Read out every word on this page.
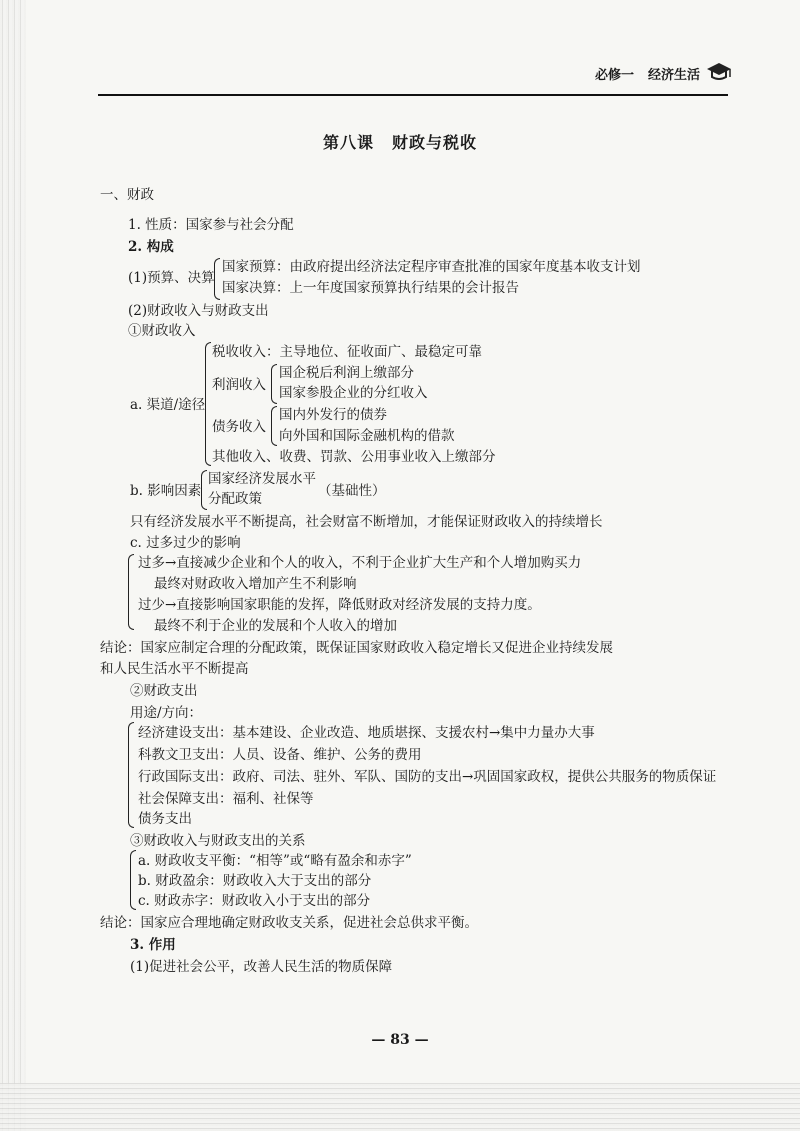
必修一 经济生活
第八课 财政与税收
一、财政
1. 性质：国家参与社会分配
2. 构成
(1)预算、决算
国家预算：由政府提出经济法定程序审查批准的国家年度基本收支计划
国家决算：上一年度国家预算执行结果的会计报告
(2)财政收入与财政支出
①财政收入
a. 渠道/途径
税收收入：主导地位、征收面广、最稳定可靠
利润收入
国企税后利润上缴部分
国家参股企业的分红收入
债务收入
国内外发行的债券
向外国和国际金融机构的借款
其他收入、收费、罚款、公用事业收入上缴部分
b. 影响因素
国家经济发展水平
分配政策	（基础性）
只有经济发展水平不断提高，社会财富不断增加，才能保证财政收入的持续增长
c. 过多过少的影响
过多→直接减少企业和个人的收入，不利于企业扩大生产和个人增加购买力
最终对财政收入增加产生不利影响
过少→直接影响国家职能的发挥，降低财政对经济发展的支持力度。
最终不利于企业的发展和个人收入的增加
结论：国家应制定合理的分配政策，既保证国家财政收入稳定增长又促进企业持续发展
和人民生活水平不断提高
②财政支出
用途/方向：
经济建设支出：基本建设、企业改造、地质堪探、支援农村→集中力量办大事
科教文卫支出：人员、设备、维护、公务的费用
行政国际支出：政府、司法、驻外、军队、国防的支出→巩固国家政权，提供公共服务的物质保证
社会保障支出：福利、社保等
债务支出
③财政收入与财政支出的关系
a. 财政收支平衡：“相等”或“略有盈余和赤字”
b. 财政盈余：财政收入大于支出的部分
c. 财政赤字：财政收入小于支出的部分
结论：国家应合理地确定财政收支关系，促进社会总供求平衡。
3. 作用
(1)促进社会公平，改善人民生活的物质保障
— 83 —
